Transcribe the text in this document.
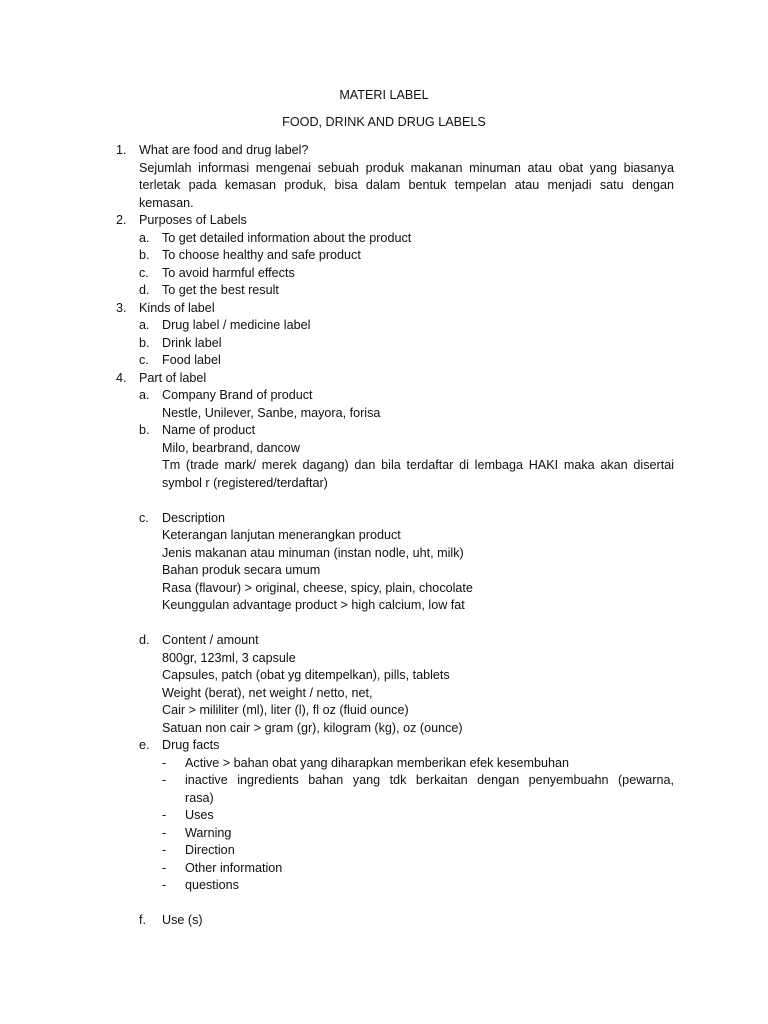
MATERI LABEL
FOOD, DRINK AND DRUG LABELS
1. What are food and drug label?
Sejumlah informasi mengenai sebuah produk makanan minuman atau obat yang biasanya
terletak pada kemasan produk, bisa dalam bentuk tempelan atau menjadi satu dengan
kemasan.
2. Purposes of Labels
a. To get detailed information about the product
b. To choose healthy and safe product
c. To avoid harmful effects
d. To get the best result
3. Kinds of label
a. Drug label / medicine label
b. Drink label
c. Food label
4. Part of label
a. Company Brand of product
Nestle, Unilever, Sanbe, mayora, forisa
b. Name of product
Milo, bearbrand, dancow
Tm (trade mark/ merek dagang) dan bila terdaftar di lembaga HAKI maka akan disertai
symbol r (registered/terdaftar)
c. Description
Keterangan lanjutan menerangkan product
Jenis makanan atau minuman (instan nodle, uht, milk)
Bahan produk secara umum
Rasa (flavour) > original, cheese, spicy, plain, chocolate
Keunggulan advantage product > high calcium, low fat
d. Content / amount
800gr, 123ml, 3 capsule
Capsules, patch (obat yg ditempelkan), pills, tablets
Weight (berat), net weight / netto, net,
Cair > mililiter (ml), liter (l), fl oz (fluid ounce)
Satuan non cair > gram (gr), kilogram (kg), oz (ounce)
e. Drug facts
- Active > bahan obat yang diharapkan memberikan efek kesembuhan
- inactive ingredients bahan yang tdk berkaitan dengan penyembuahn (pewarna,
rasa)
- Uses
- Warning
- Direction
- Other information
- questions
f. Use (s)
